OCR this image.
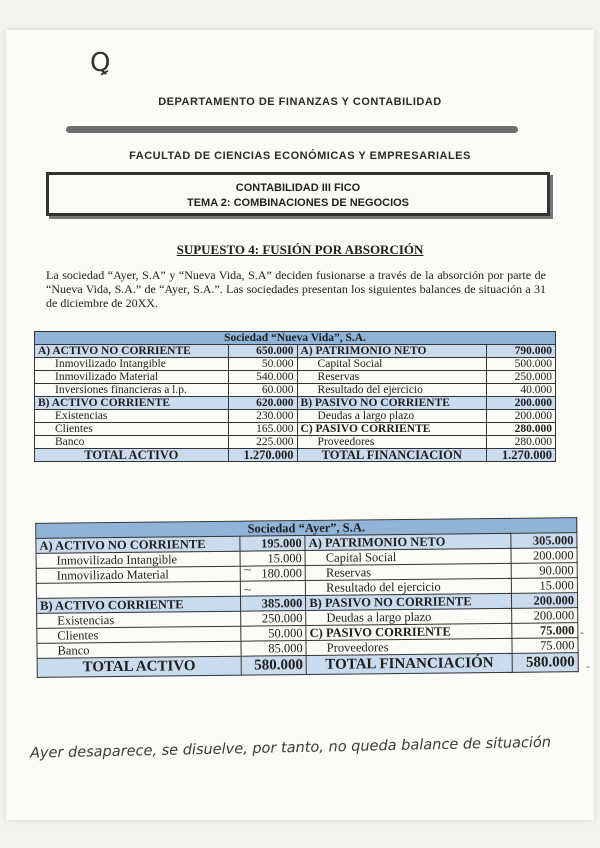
Ꝗ
DEPARTAMENTO DE FINANZAS Y CONTABILIDAD
FACULTAD DE CIENCIAS ECONÓMICAS Y EMPRESARIALES
CONTABILIDAD III FICO
TEMA 2: COMBINACIONES DE NEGOCIOS
SUPUESTO 4: FUSIÓN POR ABSORCIÓN
La sociedad “Ayer, S.A” y “Nueva Vida, S.A” deciden fusionarse a través de la absorción por parte de “Nueva Vida, S.A.” de “Ayer, S.A.”. Las sociedades presentan los siguientes balances de situación a 31 de diciembre de 20XX.
Sociedad “Nueva Vida”, S.A.			
A) ACTIVO NO CORRIENTE	650.000	A) PATRIMONIO NETO	790.000
Inmovilizado Intangible	50.000	Capital Social	500.000
Inmovilizado Material	540.000	Reservas	250.000
Inversiones financieras a l.p.	60.000	Resultado del ejercicio	40.000
B) ACTIVO CORRIENTE	620.000	B) PASIVO NO CORRIENTE	200.000
Existencias	230.000	Deudas a largo plazo	200.000
Clientes	165.000	C) PASIVO CORRIENTE	280.000
Banco	225.000	Proveedores	280.000
TOTAL ACTIVO	1.270.000	TOTAL FINANCIACIÓN	1.270.000
Sociedad “Ayer”, S.A.			
A) ACTIVO NO CORRIENTE	195.000	A) PATRIMONIO NETO	305.000
Inmovilizado Intangible	15.000	Capital Social	200.000
Inmovilizado Material	180.000	Reservas	90.000
		Resultado del ejercicio	15.000
B) ACTIVO CORRIENTE	385.000	B) PASIVO NO CORRIENTE	200.000
Existencias	250.000	Deudas a largo plazo	200.000
Clientes	50.000	C) PASIVO CORRIENTE	75.000
Banco	85.000	Proveedores	75.000
TOTAL ACTIVO	580.000	TOTAL FINANCIACIÓN	580.000
-
-
~
~
Ayer desaparece, se disuelve, por tanto, no queda balance de situación
